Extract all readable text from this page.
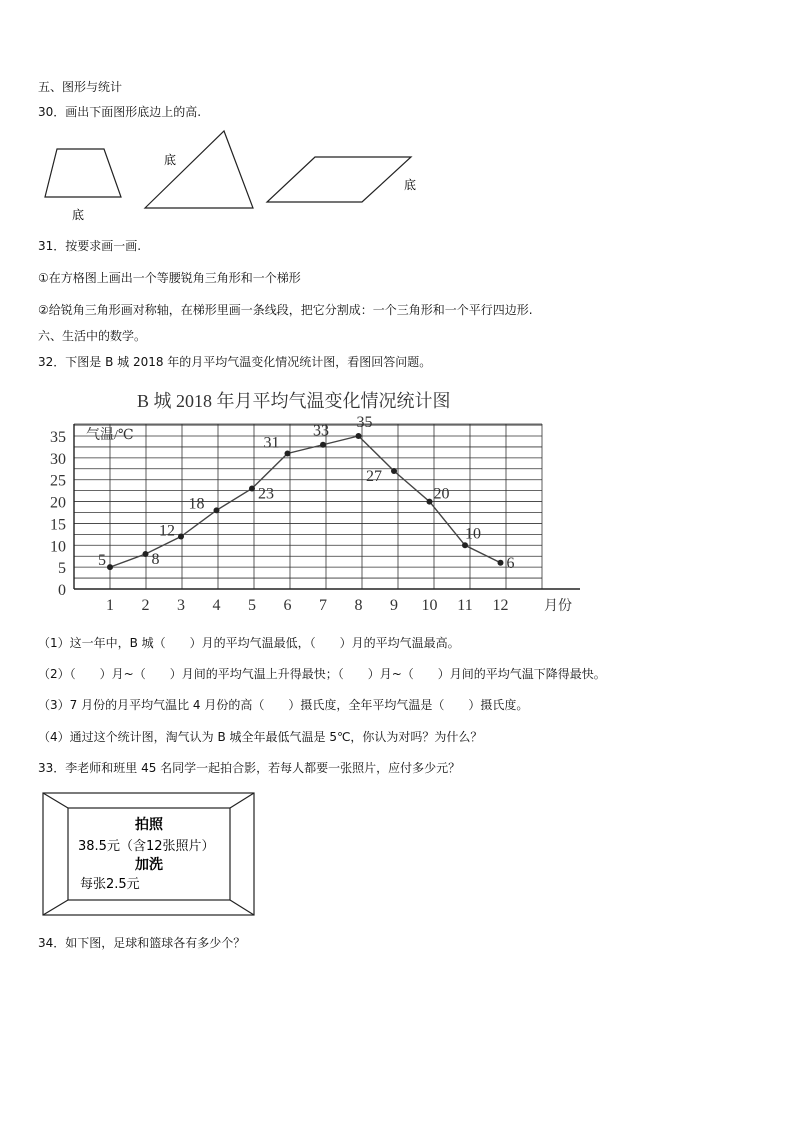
五、图形与统计
30．画出下面图形底边上的高.
底
底
底
31．按要求画一画.
①在方格图上画出一个等腰锐角三角形和一个梯形
②给锐角三角形画对称轴，在梯形里画一条线段，把它分割成：一个三角形和一个平行四边形.
六、生活中的数学。
32．下图是 B 城 2018 年的月平均气温变化情况统计图，看图回答问题。
B 城 2018 年月平均气温变化情况统计图
气温/℃
月份
0
5
10
15
20
25
30
35
1 2 3 4 5 6 7 8 9 10 11 12
5	8
12
18
23
31
33
35
27
20
10
6
（1）这一年中，B 城（　　）月的平均气温最低，（　　）月的平均气温最高。
（2）（　　）月~（　　）月间的平均气温上升得最快；（　　）月~（　　）月间的平均气温下降得最快。
（3）7 月份的月平均气温比 4 月份的高（　　）摄氏度，全年平均气温是（　　）摄氏度。
（4）通过这个统计图，淘气认为 B 城全年最低气温是 5℃，你认为对吗？为什么？
33．李老师和班里 45 名同学一起拍合影，若每人都要一张照片，应付多少元？
拍照
38.5元（含12张照片）
加洗
每张2.5元
34．如下图，足球和篮球各有多少个？
